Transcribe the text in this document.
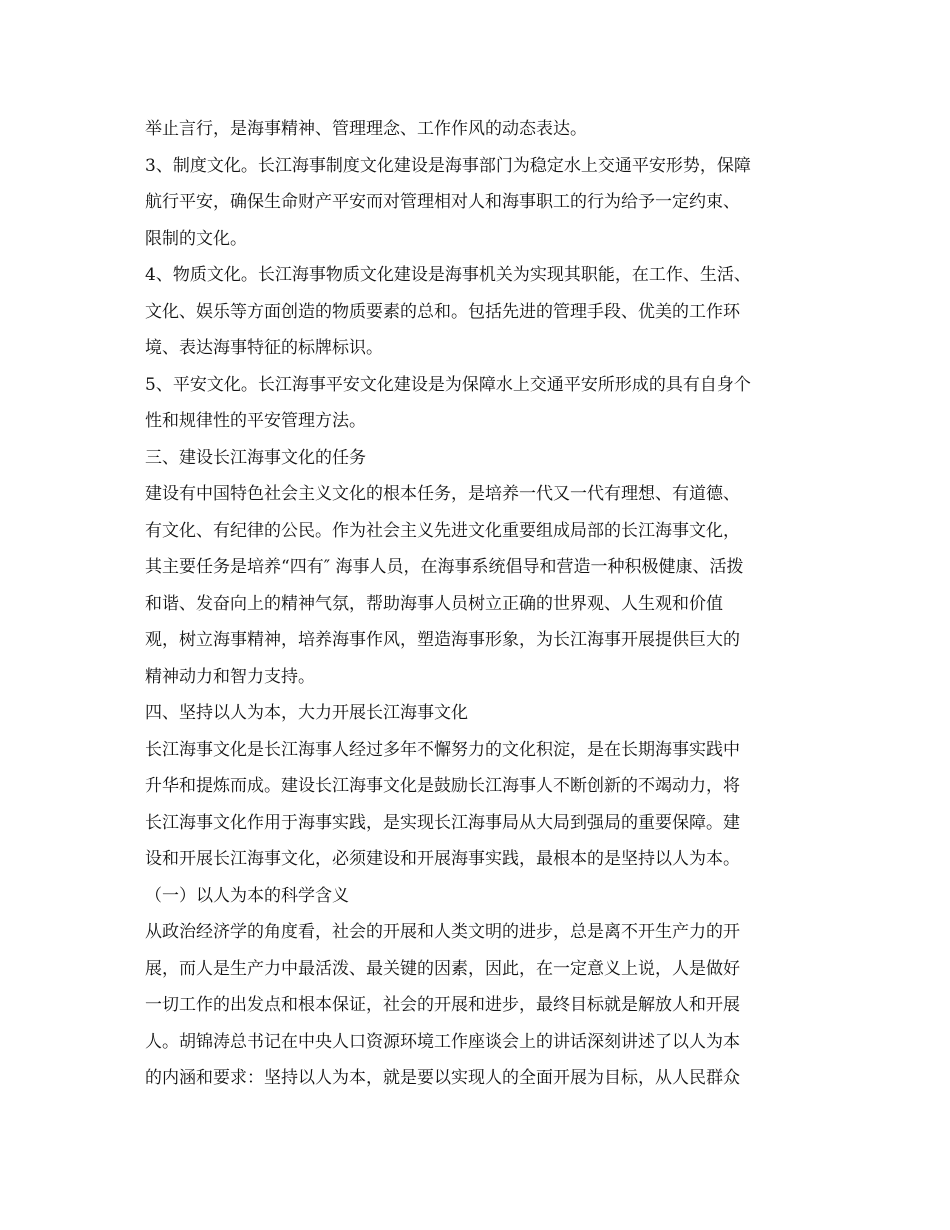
举止言行，是海事精神、管理理念、工作作风的动态表达。

3、制度文化。长江海事制度文化建设是海事部门为稳定水上交通平安形势，保障

航行平安，确保生命财产平安而对管理相对人和海事职工的行为给予一定约束、

限制的文化。

4、物质文化。长江海事物质文化建设是海事机关为实现其职能，在工作、生活、

文化、娱乐等方面创造的物质要素的总和。包括先进的管理手段、优美的工作环

境、表达海事特征的标牌标识。

5、平安文化。长江海事平安文化建设是为保障水上交通平安所形成的具有自身个

性和规律性的平安管理方法。

三、建设长江海事文化的任务

建设有中国特色社会主义文化的根本任务，是培养一代又一代有理想、有道德、

有文化、有纪律的公民。作为社会主义先进文化重要组成局部的长江海事文化，

其主要任务是培养“四有″ 海事人员，在海事系统倡导和营造一种积极健康、活拨

和谐、发奋向上的精神气氛，帮助海事人员树立正确的世界观、人生观和价值

观，树立海事精神，培养海事作风，塑造海事形象，为长江海事开展提供巨大的

精神动力和智力支持。

四、坚持以人为本，大力开展长江海事文化

长江海事文化是长江海事人经过多年不懈努力的文化积淀，是在长期海事实践中

升华和提炼而成。建设长江海事文化是鼓励长江海事人不断创新的不竭动力，将

长江海事文化作用于海事实践，是实现长江海事局从大局到强局的重要保障。建

设和开展长江海事文化，必须建设和开展海事实践，最根本的是坚持以人为本。

（一）以人为本的科学含义

从政治经济学的角度看，社会的开展和人类文明的进步，总是离不开生产力的开

展，而人是生产力中最活泼、最关键的因素，因此，在一定意义上说，人是做好

一切工作的出发点和根本保证，社会的开展和进步，最终目标就是解放人和开展

人。胡锦涛总书记在中央人口资源环境工作座谈会上的讲话深刻讲述了以人为本

的内涵和要求：坚持以人为本，就是要以实现人的全面开展为目标，从人民群众
